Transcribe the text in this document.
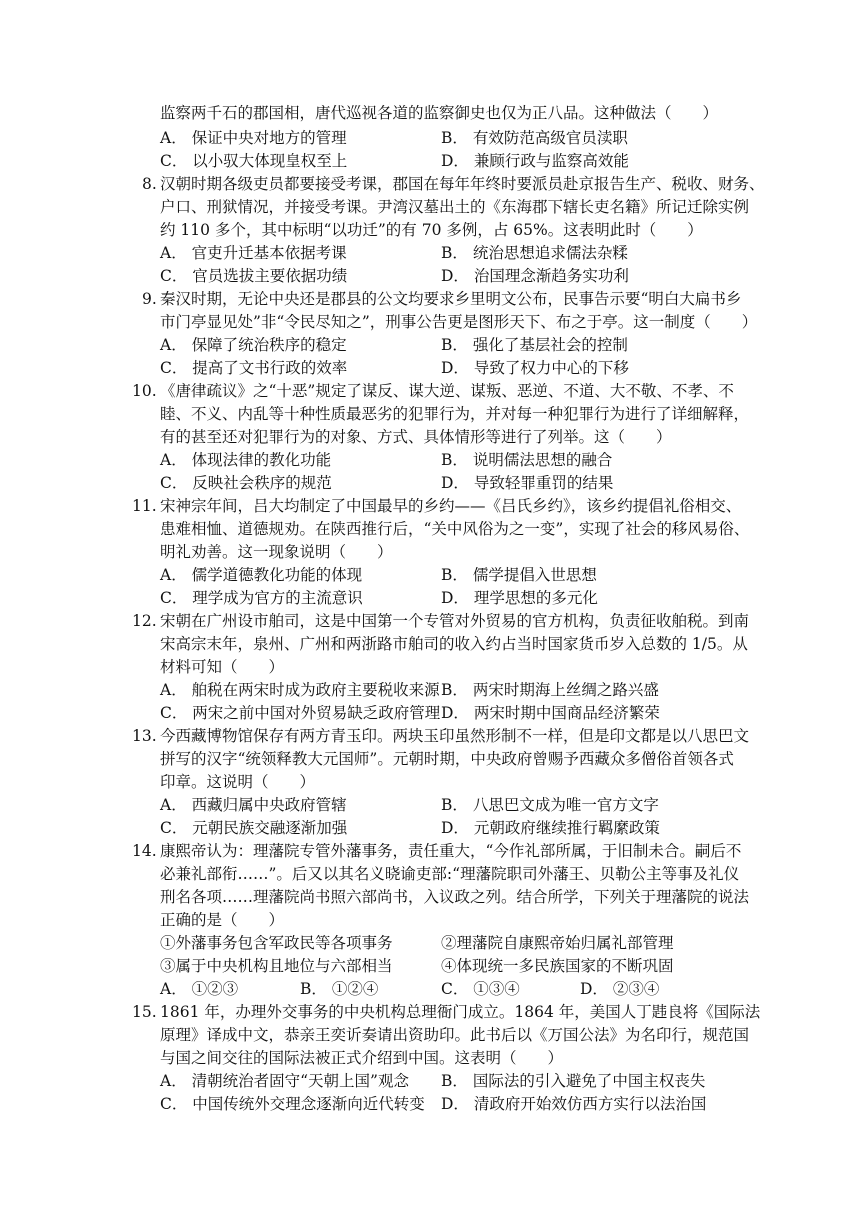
监察两千石的郡国相，唐代巡视各道的监察御史也仅为正八品。这种做法（　　）
A． 保证中央对地方的管理	B． 有效防范高级官员渎职
C． 以小驭大体现皇权至上	D． 兼顾行政与监察高效能
8. 汉朝时期各级吏员都要接受考课，郡国在每年年终时要派员赴京报告生产、税收、财务、
户口、刑狱情况，并接受考课。尹湾汉墓出土的《东海郡下辖长吏名籍》所记迁除实例
约 110 多个，其中标明“以功迁”的有 70 多例，占 65%。这表明此时（　　）
A． 官吏升迁基本依据考课	B． 统治思想追求儒法杂糅
C． 官员选拔主要依据功绩	D． 治国理念渐趋务实功利
9. 秦汉时期，无论中央还是郡县的公文均要求乡里明文公布，民事告示要“明白大扁书乡
市门亭显见处”非“令民尽知之”，刑事公告更是图形天下、布之于亭。这一制度（　　）
A． 保障了统治秩序的稳定	B． 强化了基层社会的控制
C． 提高了文书行政的效率	D． 导致了权力中心的下移
10. 《唐律疏议》之“十恶”规定了谋反、谋大逆、谋叛、恶逆、不道、大不敬、不孝、不
睦、不义、内乱等十种性质最恶劣的犯罪行为，并对每一种犯罪行为进行了详细解释，
有的甚至还对犯罪行为的对象、方式、具体情形等进行了列举。这（　　）
A． 体现法律的教化功能	B． 说明儒法思想的融合
C． 反映社会秩序的规范	D． 导致轻罪重罚的结果
11. 宋神宗年间，吕大均制定了中国最早的乡约——《吕氏乡约》，该乡约提倡礼俗相交、
患难相恤、道德规劝。在陕西推行后，“关中风俗为之一变”，实现了社会的移风易俗、
明礼劝善。这一现象说明（　　）
A． 儒学道德教化功能的体现	B． 儒学提倡入世思想
C． 理学成为官方的主流意识	D． 理学思想的多元化
12. 宋朝在广州设市舶司，这是中国第一个专管对外贸易的官方机构，负责征收舶税。到南
宋高宗末年，泉州、广州和两浙路市舶司的收入约占当时国家货币岁入总数的 1/5。从
材料可知（　　）
A． 舶税在两宋时成为政府主要税收来源 B． 两宋时期海上丝绸之路兴盛
C． 两宋之前中国对外贸易缺乏政府管理 D． 两宋时期中国商品经济繁荣
13. 今西藏博物馆保存有两方青玉印。两块玉印虽然形制不一样，但是印文都是以八思巴文
拼写的汉字“统领释教大元国师”。元朝时期，中央政府曾赐予西藏众多僧俗首领各式
印章。这说明（　　）
A． 西藏归属中央政府管辖	B． 八思巴文成为唯一官方文字
C． 元朝民族交融逐渐加强	D． 元朝政府继续推行羁縻政策
14. 康熙帝认为：理藩院专管外藩事务，责任重大，“今作礼部所属，于旧制未合。嗣后不
必兼礼部衔……”。后又以其名义晓谕吏部:“理藩院职司外藩王、贝勒公主等事及礼仪
刑名各项……理藩院尚书照六部尚书，入议政之列。结合所学，下列关于理藩院的说法
正确的是（　　）
①外藩事务包含军政民等各项事务	②理藩院自康熙帝始归属礼部管理
③属于中央机构且地位与六部相当	④体现统一多民族国家的不断巩固
A． ①②③	B． ①②④	C． ①③④	D． ②③④
15. 1861 年，办理外交事务的中央机构总理衙门成立。1864 年，美国人丁韪良将《国际法
原理》译成中文，恭亲王奕䜣奏请出资助印。此书后以《万国公法》为名印行，规范国
与国之间交往的国际法被正式介绍到中国。这表明（　　）
A． 清朝统治者固守“天朝上国”观念 B． 国际法的引入避免了中国主权丧失
C． 中国传统外交理念逐渐向近代转变 D． 清政府开始效仿西方实行以法治国
